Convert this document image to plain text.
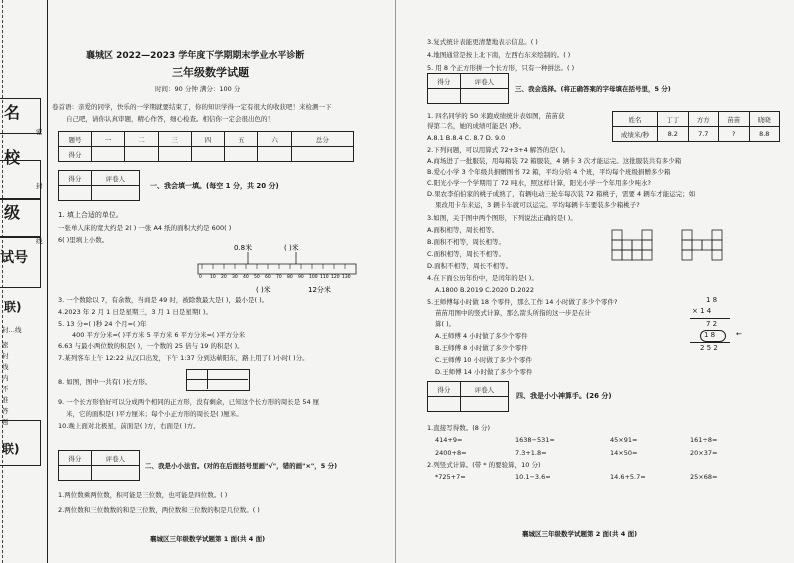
名
校
级
试号
联)
联)
密
封
线
封…线
密
封
线
内
不
准
答
题
襄城区 2022—2023 学年度下学期期末学业水平诊断
三年级数学试题
时间：90 分钟 满分：100 分
卷首语：亲爱的同学，快乐的一学期就要结束了，你的知识学得一定有很大的收获吧！来检测一下
自己吧，请你认真审题，精心作答，细心检查。相信你一定会很出色的！
题号	一	二	三	四	五	六	总分
得分							
得分	评卷人

一、我会填一填。(每空 1 分，共 20 分)
1. 填上合适的单位。
一张单人床的宽大约是 2( ) 一张 A4 纸的面积大约是 600( )
6( )里填上小数。
0.8米	( )米
0 10 20 30 40 50 60 70 80 90 100 110 120 130
( )米	12分米
3. 一个数除以 7，有余数，当商是 49 时，被除数最大是( )，最小是( )。
4.2023 年 2 月 1 日是星期三，3 月 1 日是星期( )。
5. 13 分=( )秒 24 个月=( )年
400 平方分米=( )平方米 5 平方米 6 平方分米=( )平方分米
6.63 与最小两位数的积是( )，一个数的 25 倍与 19 的积是( )。
7.某列客车上午 12:22 从汉口出发，下午 1:37 分到达蕲阳东，路上用了( )小时( )分。
8. 如图，图中一共有( )长方形。
9. 一个长方形恰好可以分成两个相同的正方形，没有剩余，已知这个长方形的周长是 54 厘
米，它的面积是( )平方厘米；每个小正方形的周长是( )厘米。
10.晚上面对北极星，前面是( )方，右面是( )方。
得分	评卷人

二、我是小小法官。(对的在后面括号里画"√"，错的画"×"，5 分)
1.两位数乘两位数，积可能是三位数，也可能是四位数。( )
2.两位数和三位数数的和是三位数，两位数和三位数的积是几位数。( )
襄城区三年级数学试题第 1 面(共 4 面)
3.复式统计表能更清楚地表示信息。( )
4.地图通常是按上北下南，左西右东来绘制的。( )
5. 用 8 个正方形拼一个长方形，只有一种拼法。( )
得分	评卷人

三、我会选择。(将正确答案的字母填在括号里，5 分)
1. 四名同学的 50 米跑成绩统计表如图，苗苗获
得第二名，她的成绩可能是( )秒。
A.8.1 B.8.4 C. 8.7 D. 9.0
姓名	丁丁	方方	苗苗	晓晓
成绩米/秒	8.2	7.7	?	8.8
2.下列问题，可以用算式 72+3+4 解答的是( )。
A.商场进了一批服装，用每箱装 72 箱服装，4 辆卡 3 次才能运完。这批服装共有多少箱
B.爱心小学 3 个年级共捐赠图书 72 箱，平均分给 4 个班，平均每个班级捐赠多少箱
C.阳光小学一个学期用了 72 吨水，照这样计算，阳光小学一个年用多少吨水?
D.果农李伯伯家的桃子成熟了，有辆电动三轮车每次装 72 箱桃子，需要 4 辆车才能运完；如
果改用卡车来运，3 辆卡车就可以运完。平均每辆卡车要装多少箱桃子?
3.如图，关于图中两个图形，下列说法正确的是( )。
A.面积相等，周长相等。
B.面积不相等，周长相等。
C.面积相等，周长不相等。
D.面积不相等，周长不相等。
4.在下面公历年份中，是闰年的是( )。
A.1800 B.2019 C.2020 D.2022
5.王师傅每小时做 18 个零件，那么工作 14 小时做了多少个零件?
苗苗用图中的竖式计算，那么箭头所指的这一步是在计
算( )。
A.王师傅 4 小时做了多少个零件
B.王师傅 8 小时做了多少个零件
C.王师傅 10 小时做了多少个零件
D.王师傅 14 小时做了多少个零件
1 8
× 1 4
7 2
1 8	←
2 5 2
得分	评卷人

四、我是小小神算手。(26 分)
1.直接写得数。(8 分)
414+9=	1638−531=	45×91=	161÷8=
2400+8=	7.3+1.8=	14×50=	20×37=
2.列竖式计算。(带 * 的要验算，10 分)
*725+7=	10.1−3.6=	14.6+5.7=	25×68=
襄城区三年级数学试题第 2 面(共 4 面)
